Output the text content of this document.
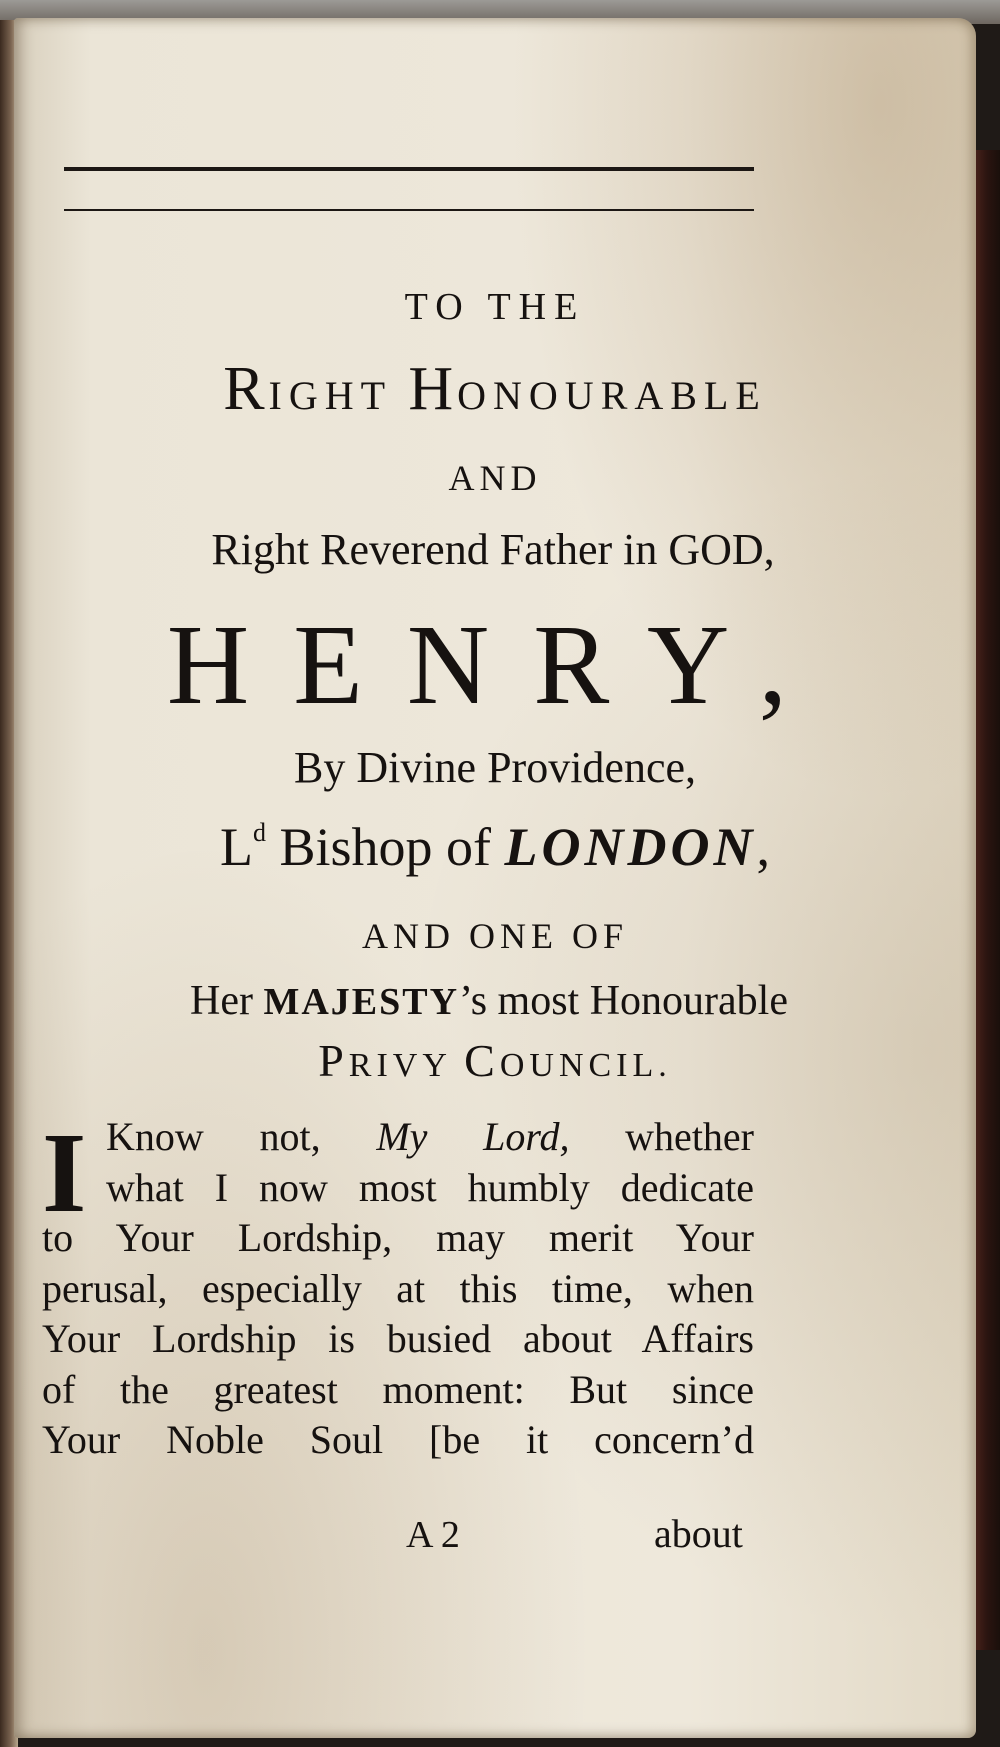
TO THE
RIGHT HONOURABLE
AND
Right Reverend Father in GOD,
HENRY,
By Divine Providence,
$L^d$ Bishop of LONDON,
AND ONE OF
Her MAJESTY’s most Honourable
PRIVY COUNCIL.
I Know not, My Lord, whether
what I now most humbly dedicate
to Your Lordship, may merit Your
perusal, especially at this time, when
Your Lordship is busied about Affairs
of the greatest moment: But since
Your Noble Soul [be it concern’d
A 2	about
